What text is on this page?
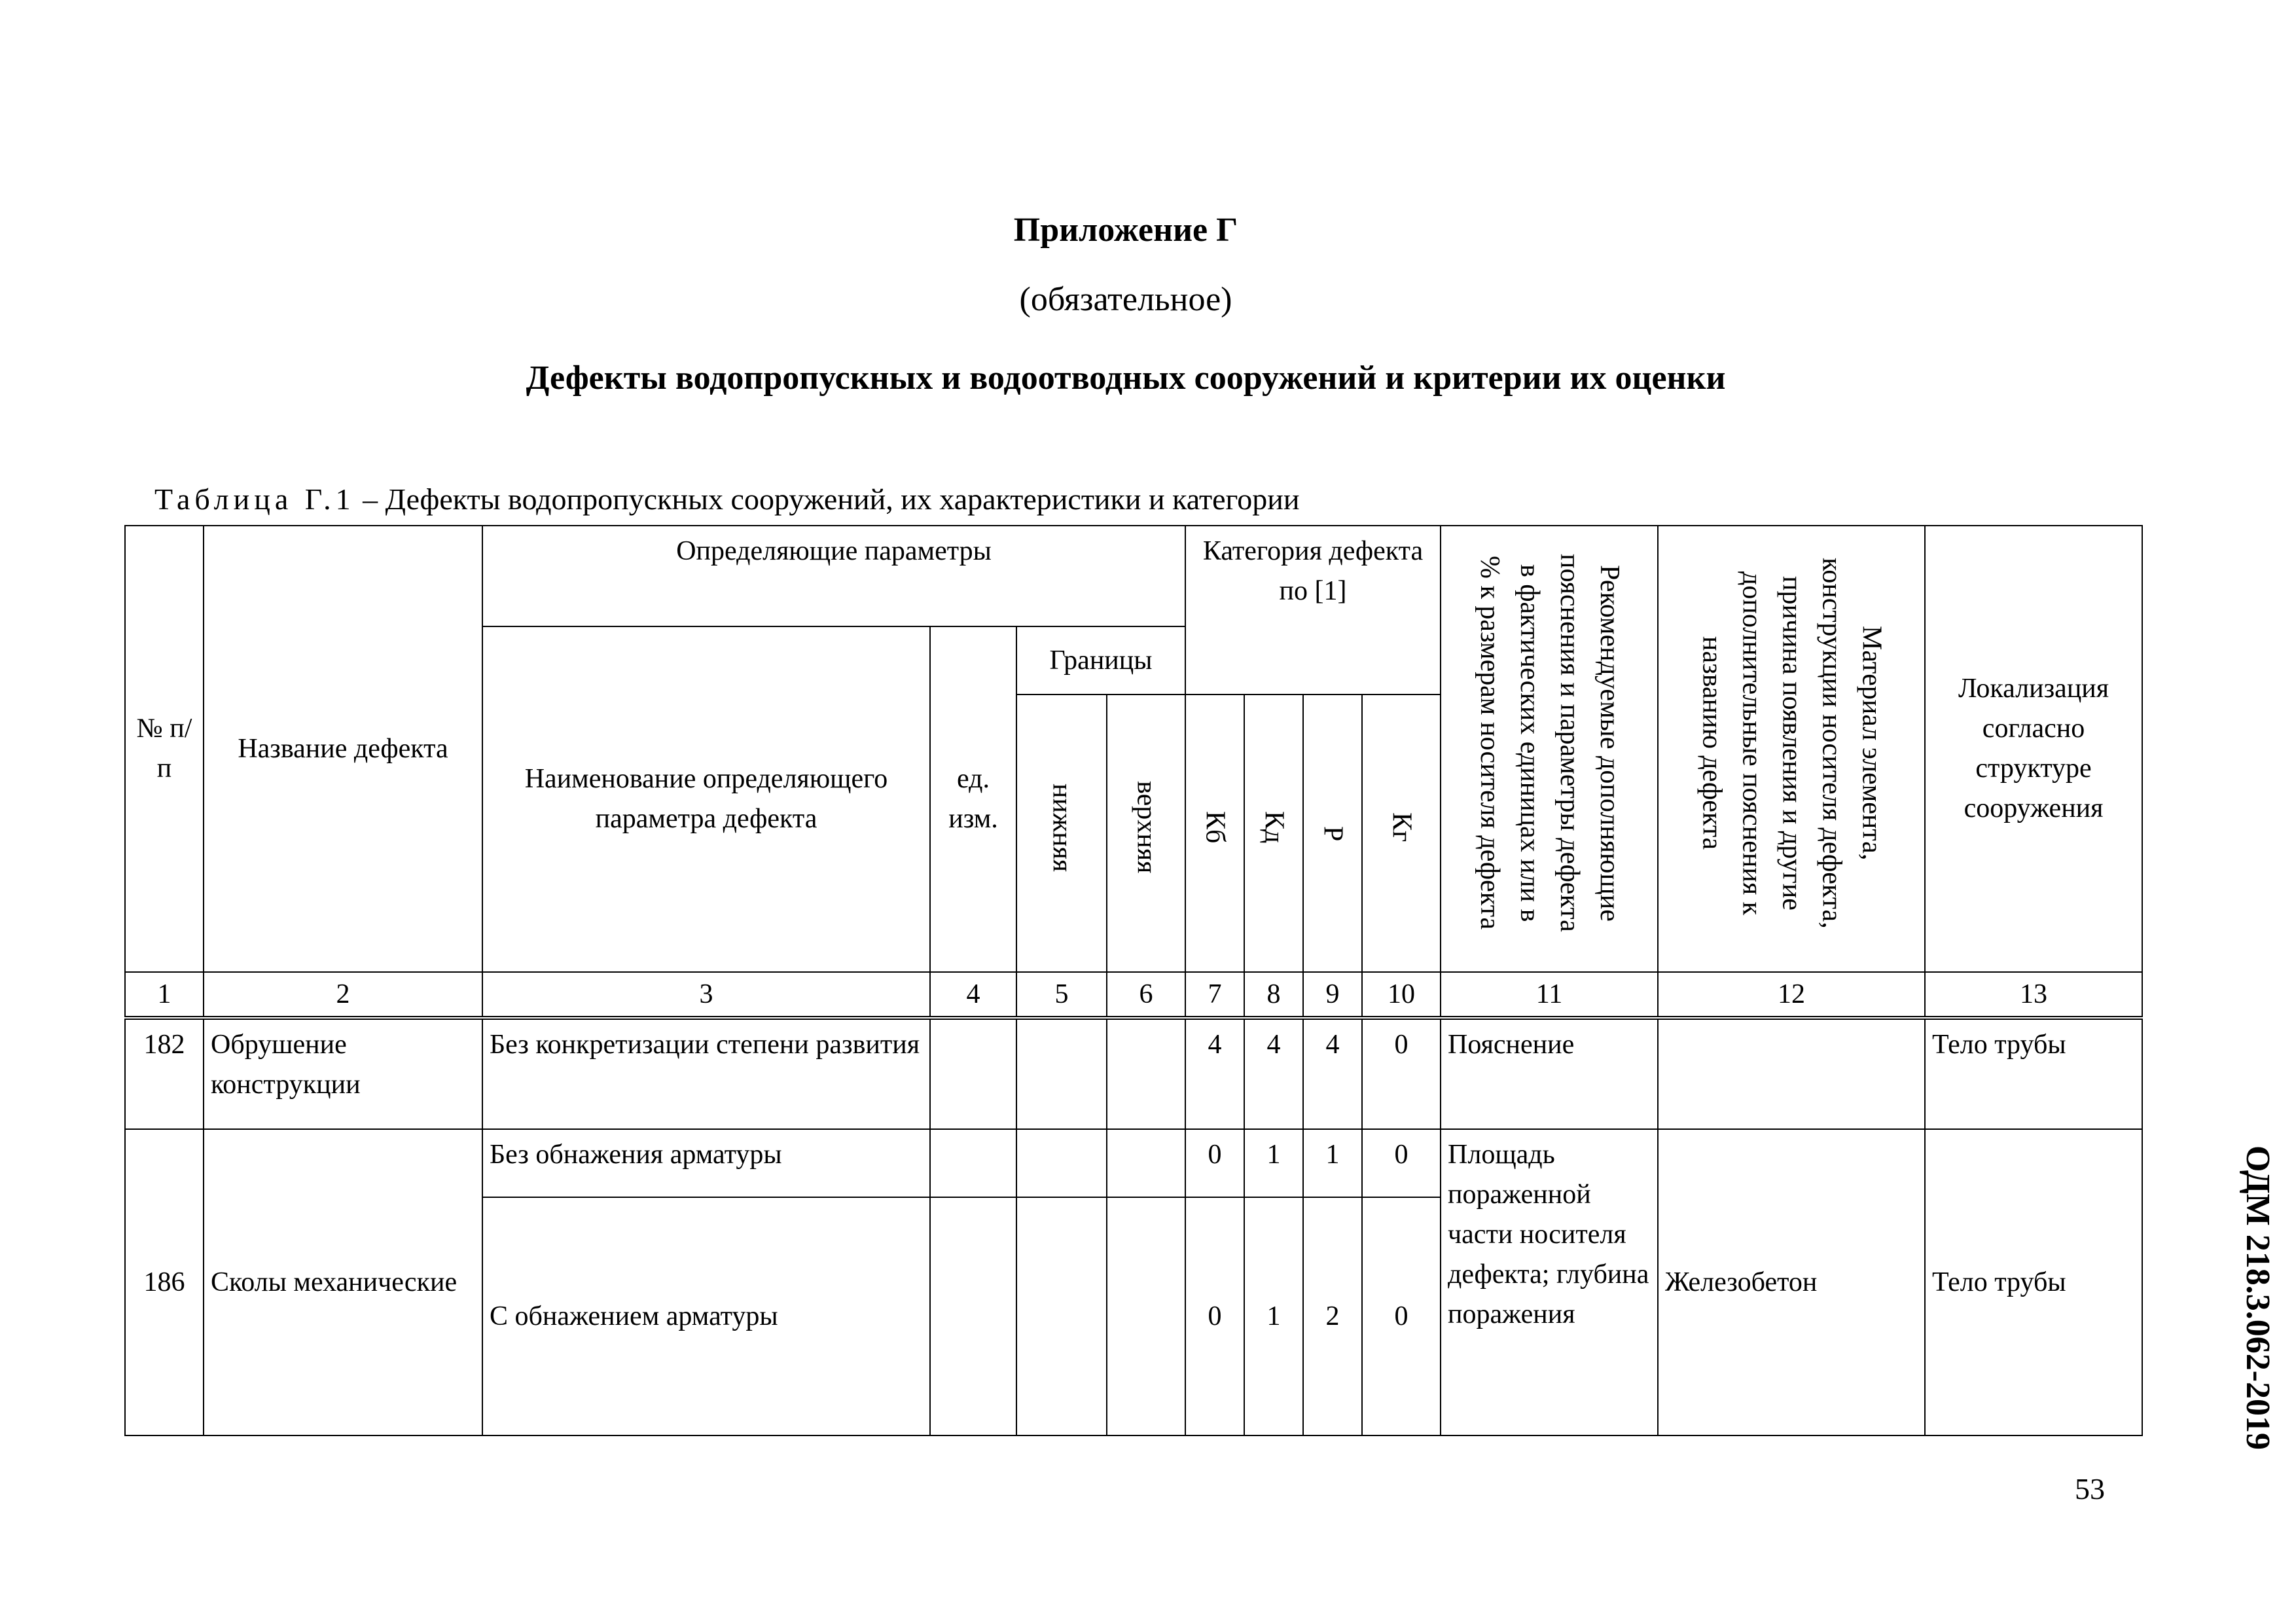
Приложение Г
(обязательное)
Дефекты водопропускных и водоотводных сооружений и критерии их оценки
Таблица Г.1 – Дефекты водопропускных сооружений, их характеристики и категории
№ п/п	Название дефекта	Определяющие параметры				Категория дефекта по [1]				Рекомендуемые дополняющие пояснения и параметры дефекта в фактических единицах или в % к размерам носителя дефекта	Материал элемента, конструкции носителя дефекта, причина появления и другие дополнительные пояснения к названию дефекта	Локализация согласно структуре сооружения
		Наименование определяющего параметра дефекта	ед. изм.	Границы								
				нижняя	верхняя	Кб	Кд	Р	Кг			
1	2	3	4	5	6	7	8	9	10	11	12	13
182	Обрушение конструкции	Без конкретизации степени развития				4	4	4	0	Пояснение		Тело трубы
186	Сколы механические	Без обнажения арматуры				0	1	1	0	Площадь пораженной части носителя дефекта; глубина поражения	Железобетон	Тело трубы
		С обнажением арматуры				0	1	2	0				ОДМ 218.3.062-2019
53
